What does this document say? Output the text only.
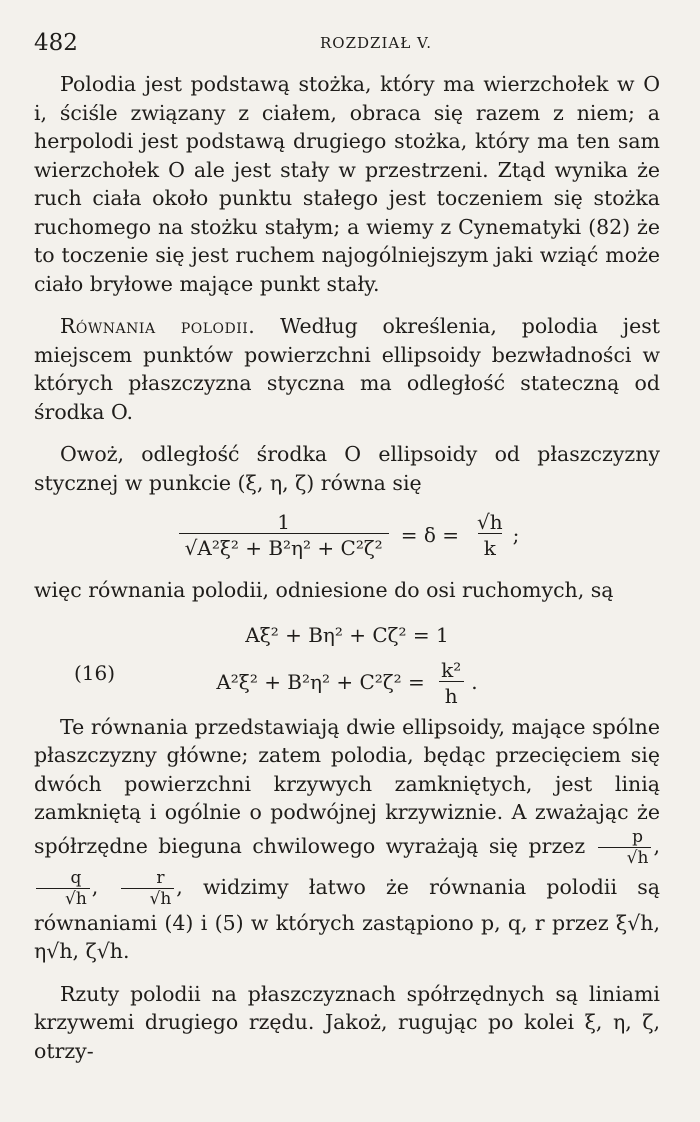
482	ROZDZIAŁ V.

Polodia jest podstawą stożka, który ma wierzchołek w O i, ściśle związany z ciałem, obraca się razem z niem; a herpolodi jest podstawą drugiego stożka, który ma ten sam wierzchołek O ale jest stały w przestrzeni. Ztąd wynika że ruch ciała około punktu stałego jest toczeniem się stożka ruchomego na stożku stałym; a wiemy z Cynematyki (82) że to toczenie się jest ruchem najogólniejszym jaki wziąć może ciało bryłowe mające punkt stały.

Równania polodii. Według określenia, polodia jest miejscem punktów powierzchni ellipsoidy bezwładności w których płaszczyzna styczna ma odległość stateczną od środka O.

Owoż, odległość środka O ellipsoidy od płaszczyzny stycznej w punkcie (ξ, η, ζ) równa się

$\frac{1}{\text{√A²ξ² + B²η² + C²ζ²}} = \delta = \frac{√h}{k}$ ;

więc równania polodii, odniesione do osi ruchomych, są

Aξ² + Bη² + Cζ² = 1
(16)	$A^2\xi^2 + B^2\eta^2 + C^2\zeta^2 = \frac{\text{k²}}{h}$ .

Te równania przedstawiają dwie ellipsoidy, mające spólne płaszczyzny główne; zatem polodia, będąc przecięciem się dwóch powierzchni krzywych zamkniętych, jest linią zamkniętą i ogólnie o podwójnej krzywiznie. A zważając że spółrzędne bieguna chwilowego wyrażają się przez $\frac{p}{√h}$ ,
$\frac{q}{√h}$ , $\frac{r}{√h}$ , widzimy łatwo że równania polodii są równaniami (4) i (5) w których zastąpiono p, q, r przez ξ√h, η√h, ζ√h.

Rzuty polodii na płaszczyznach spółrzędnych są liniami krzywemi drugiego rzędu. Jakoż, rugując po kolei ξ, η, ζ, otrzy-
